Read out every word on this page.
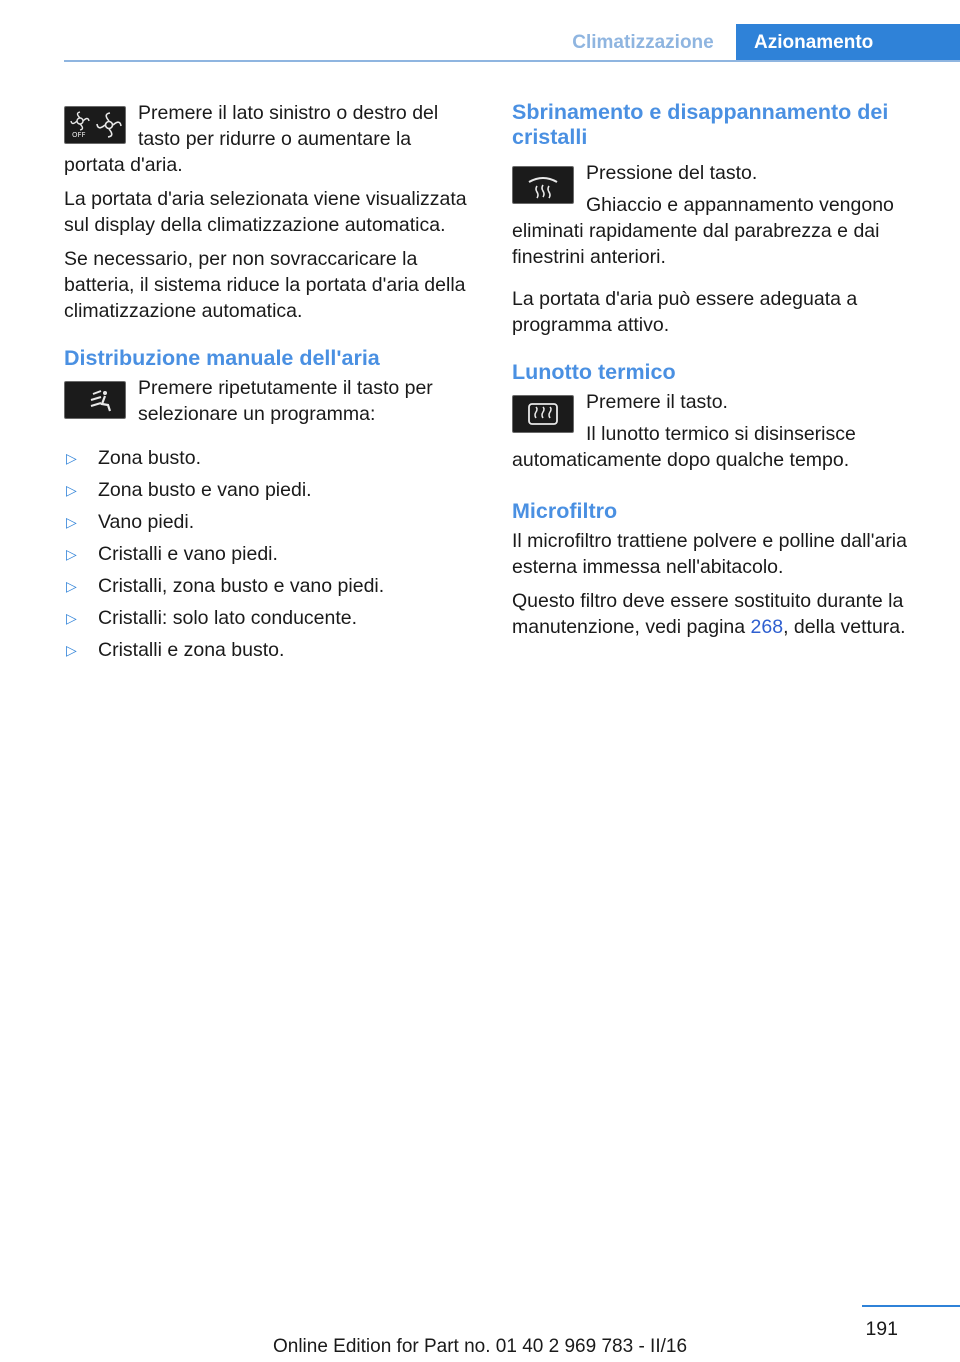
Climatizzazione	Azionamento
OFF

Premere il lato sinistro o destro del tasto per ridurre o aumentare la portata d'aria.

La portata d'aria selezionata viene visualizzata sul display della climatizzazione automatica.

Se necessario, per non sovraccaricare la batteria, il sistema riduce la portata d'aria della climatizzazione automatica.

Distribuzione manuale dell'aria

Premere ripetutamente il tasto per selezionare un programma:

▷ Zona busto.
▷ Zona busto e vano piedi.
▷ Vano piedi.
▷ Cristalli e vano piedi.
▷ Cristalli, zona busto e vano piedi.
▷ Cristalli: solo lato conducente.
▷ Cristalli e zona busto.
Sbrinamento e disappannamento dei cristalli

Pressione del tasto.

Ghiaccio e appannamento vengono eliminati rapidamente dal parabrezza e dai finestrini anteriori.

La portata d'aria può essere adeguata a programma attivo.

Lunotto termico

Premere il tasto.

Il lunotto termico si disinserisce automaticamente dopo qualche tempo.

Microfiltro

Il microfiltro trattiene polvere e polline dall'aria esterna immessa nell'abitacolo.

Questo filtro deve essere sostituito durante la manutenzione, vedi pagina 268, della vettura.

191
Online Edition for Part no. 01 40 2 969 783 - II/16
